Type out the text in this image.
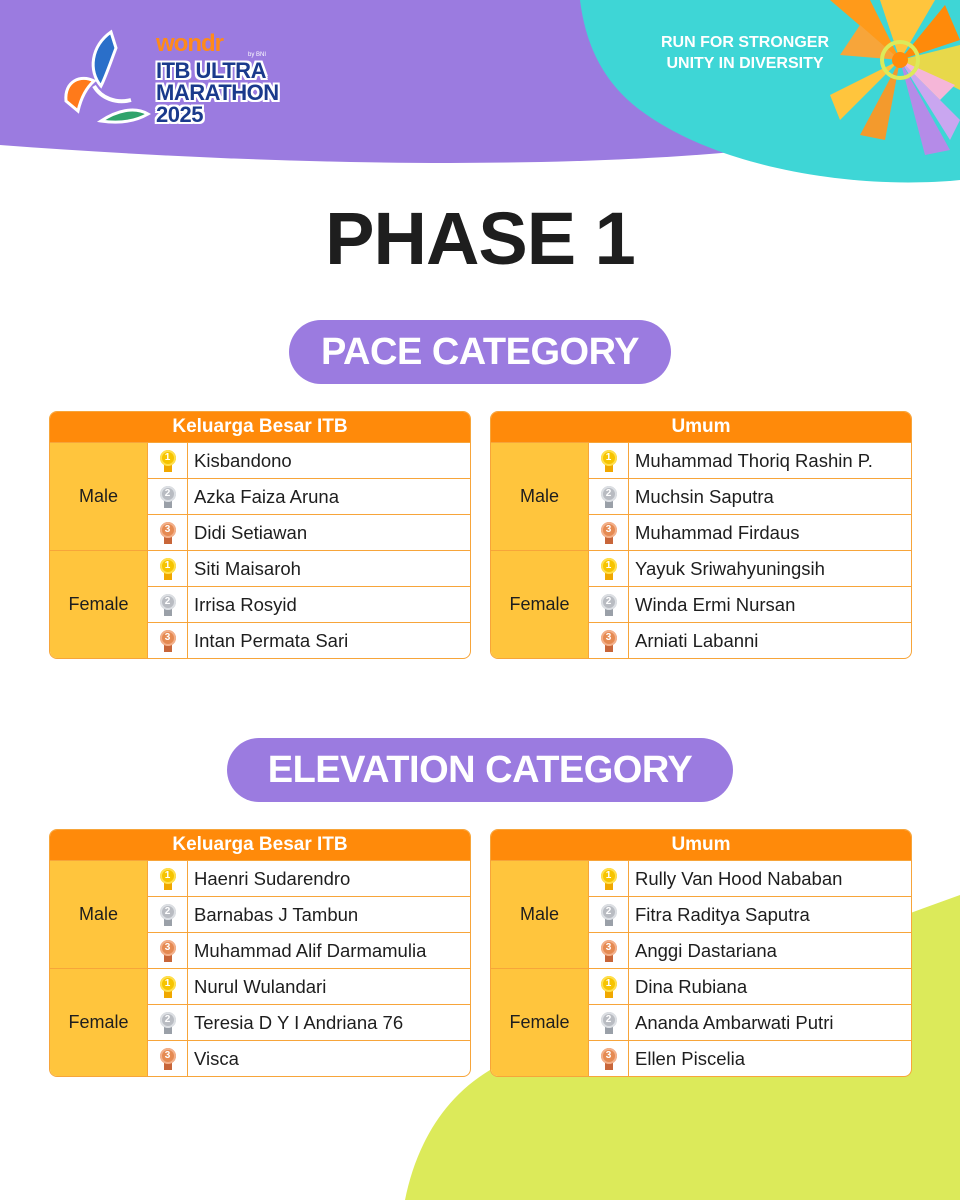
wondr	by BNI
ITB ULTRA
MARATHON
2025
RUN FOR STRONGER
UNITY IN DIVERSITY
PHASE 1
PACE CATEGORY
Keluarga Besar ITB
Male
1	Kisbandono
2	Azka Faiza Aruna
3	Didi Setiawan
Female
1	Siti Maisaroh
2	Irrisa Rosyid
3	Intan Permata Sari
Umum
Male
1	Muhammad Thoriq Rashin P.
2	Muchsin Saputra
3	Muhammad Firdaus
Female
1	Yayuk Sriwahyuningsih
2	Winda Ermi Nursan
3	Arniati Labanni
ELEVATION CATEGORY
Keluarga Besar ITB
Male
1	Haenri Sudarendro
2	Barnabas J Tambun
3	Muhammad Alif Darmamulia
Female
1	Nurul Wulandari
2	Teresia D Y I Andriana 76
3	Visca
Umum
Male
1	Rully Van Hood Nababan
2	Fitra Raditya Saputra
3	Anggi Dastariana
Female
1	Dina Rubiana
2	Ananda Ambarwati Putri
3	Ellen Piscelia
